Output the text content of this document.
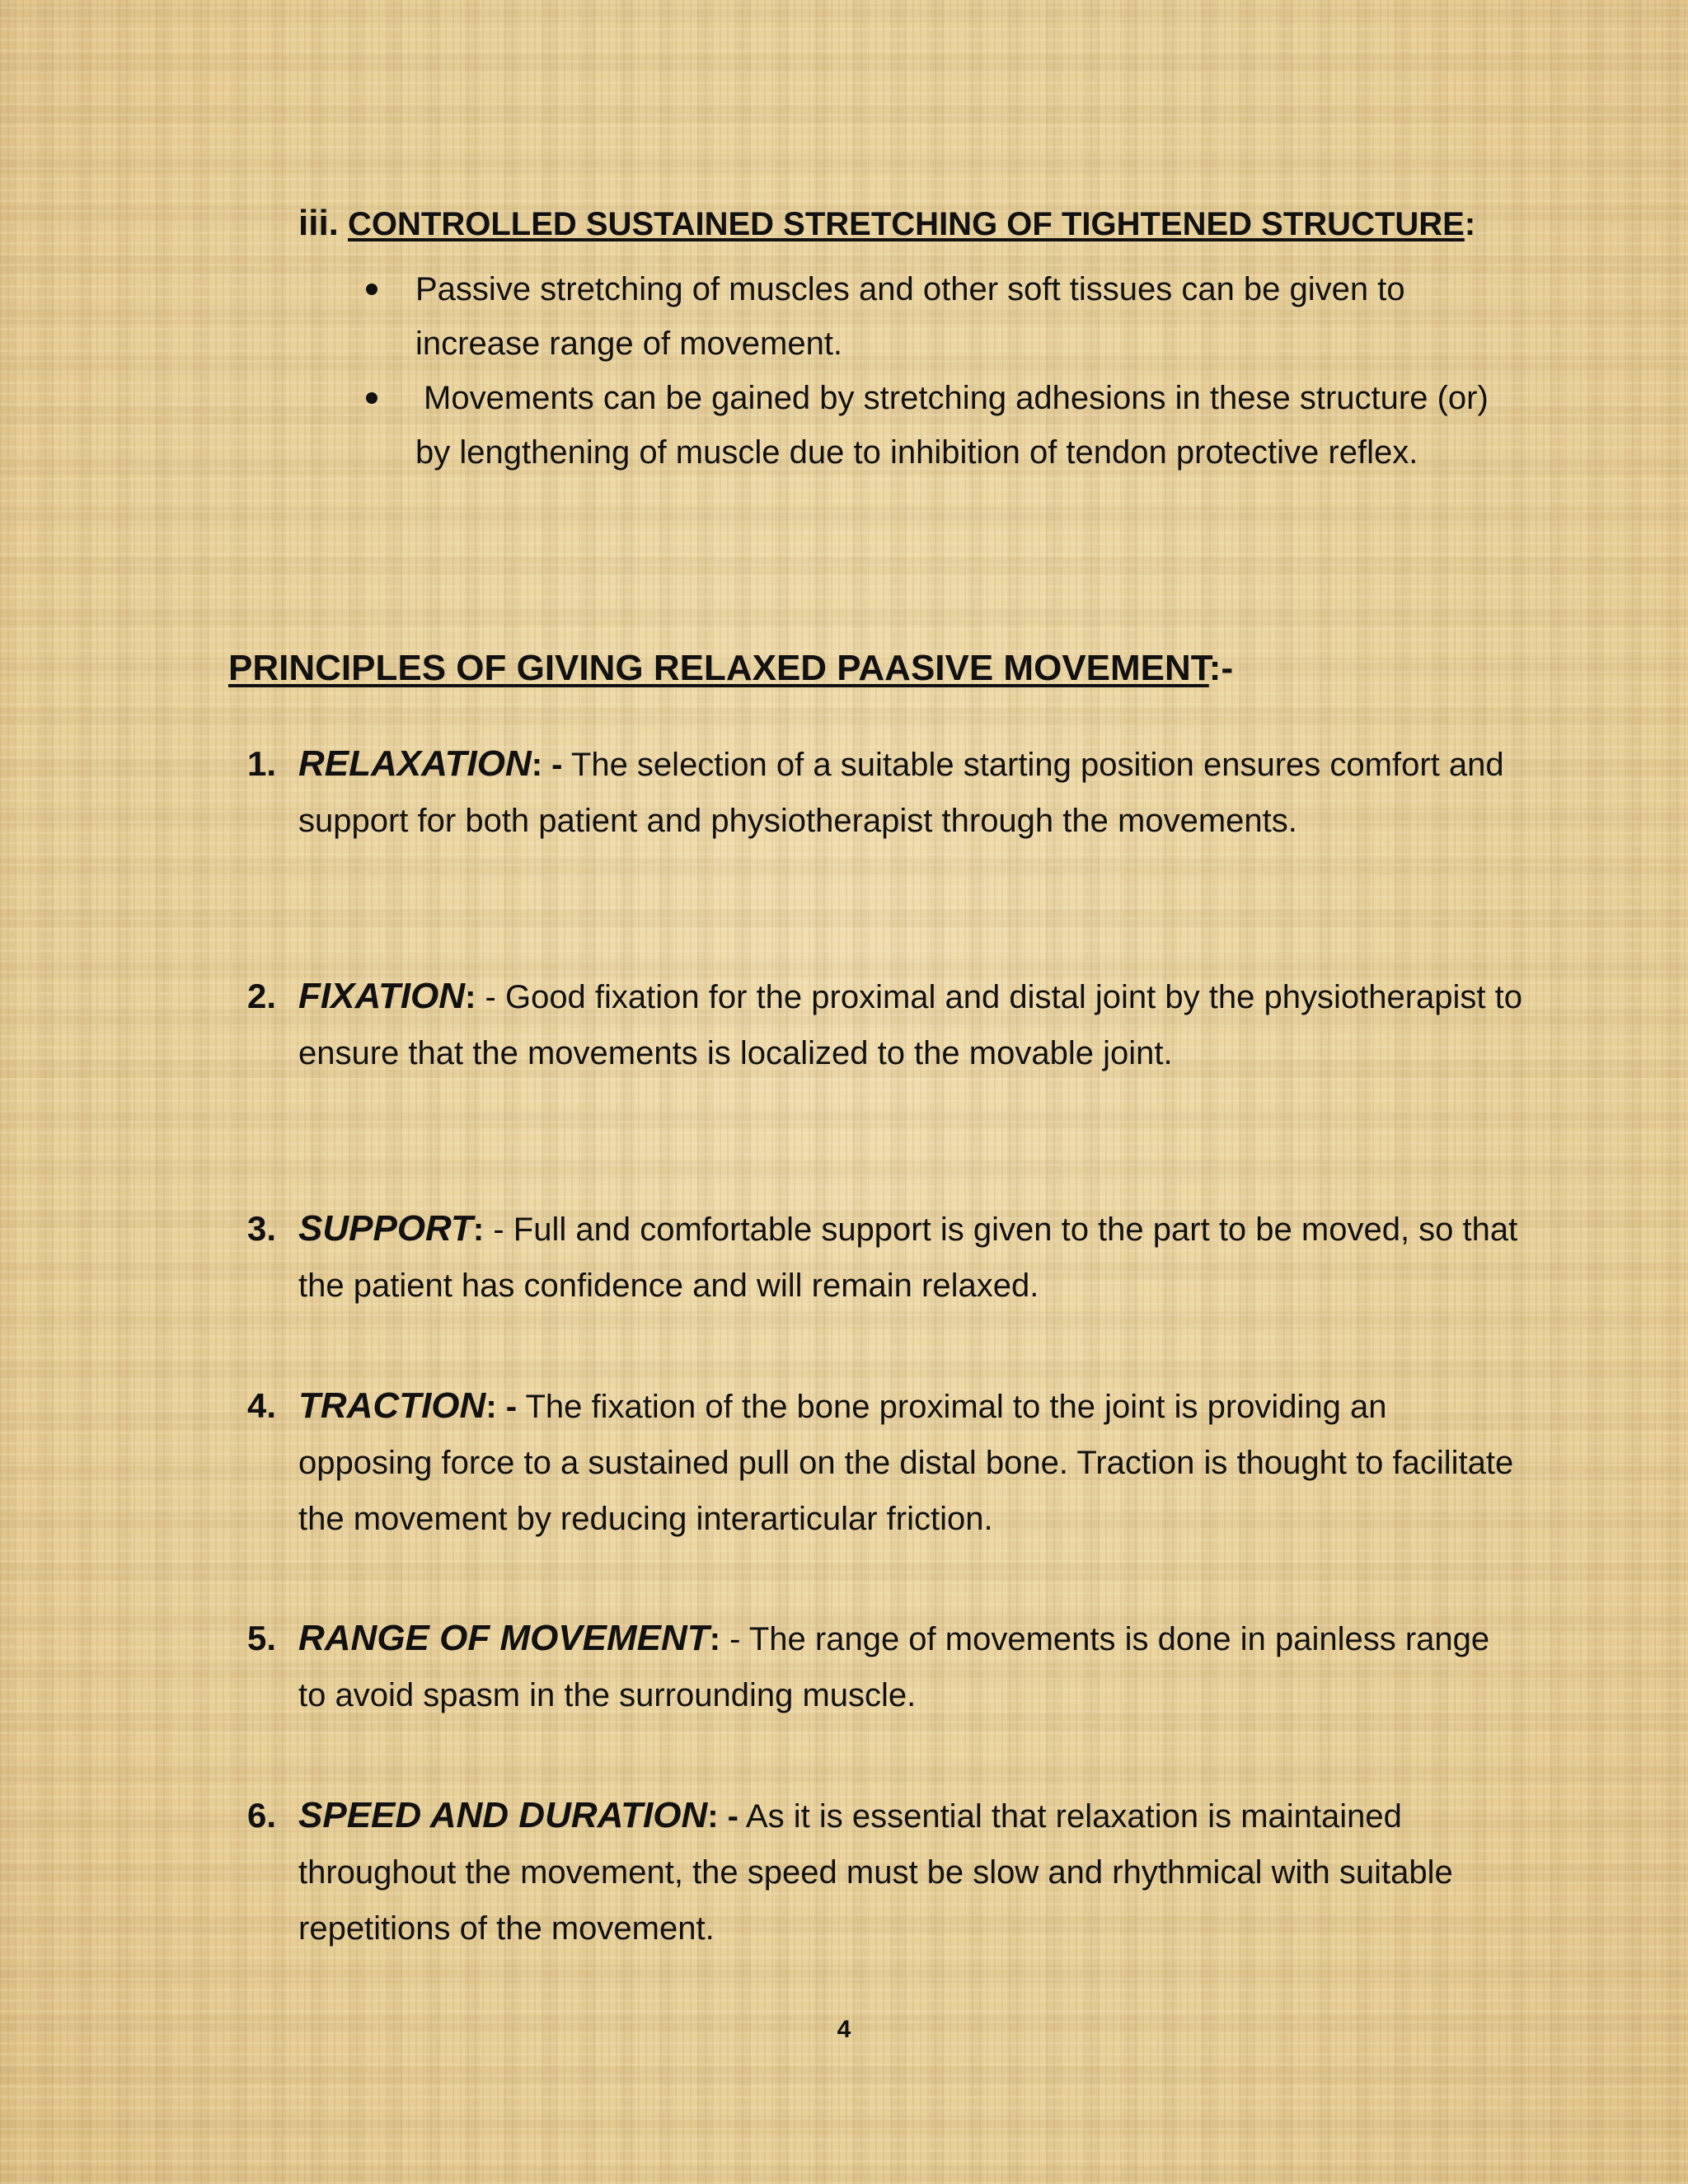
iii. CONTROLLED SUSTAINED STRETCHING OF TIGHTENED STRUCTURE:
Passive stretching of muscles and other soft tissues can be given to increase range of movement.
Movements can be gained by stretching adhesions in these structure (or) by lengthening of muscle due to inhibition of tendon protective reflex.
PRINCIPLES OF GIVING RELAXED PAASIVE MOVEMENT:-
1. RELAXATION: - The selection of a suitable starting position ensures comfort and support for both patient and physiotherapist through the movements.
2. FIXATION: - Good fixation for the proximal and distal joint by the physiotherapist to ensure that the movements is localized to the movable joint.
3. SUPPORT: - Full and comfortable support is given to the part to be moved, so that the patient has confidence and will remain relaxed.
4. TRACTION: - The fixation of the bone proximal to the joint is providing an opposing force to a sustained pull on the distal bone. Traction is thought to facilitate the movement by reducing interarticular friction.
5. RANGE OF MOVEMENT: - The range of movements is done in painless range to avoid spasm in the surrounding muscle.
6. SPEED AND DURATION: - As it is essential that relaxation is maintained throughout the movement, the speed must be slow and rhythmical with suitable repetitions of the movement.
4
